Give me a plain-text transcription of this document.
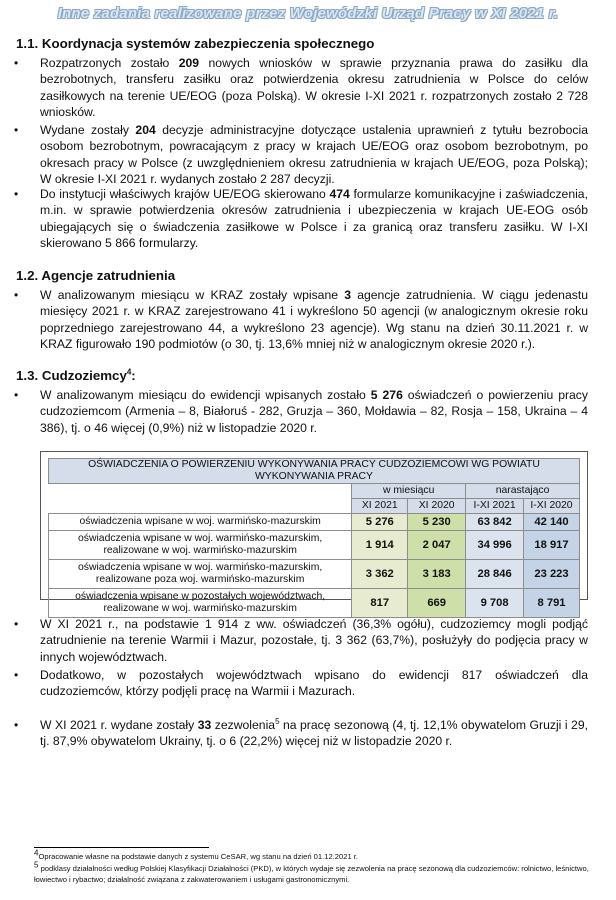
Inne zadania realizowane przez Wojewódzki Urząd Pracy w XI 2021 r.
1.1. Koordynacja systemów zabezpieczenia społecznego
• Rozpatrzonych zostało 209 nowych wniosków w sprawie przyznania prawa do zasiłku dla bezrobotnych, transferu zasiłku oraz potwierdzenia okresu zatrudnienia w Polsce do celów zasiłkowych na terenie UE/EOG (poza Polską). W okresie I-XI 2021 r. rozpatrzonych zostało 2 728 wniosków.
• Wydane zostały 204 decyzje administracyjne dotyczące ustalenia uprawnień z tytułu bezrobocia osobom bezrobotnym, powracającym z pracy w krajach UE/EOG oraz osobom bezrobotnym, po okresach pracy w Polsce (z uwzględnieniem okresu zatrudnienia w krajach UE/EOG, poza Polską); W okresie I-XI 2021 r. wydanych zostało 2 287 decyzji.
• Do instytucji właściwych krajów UE/EOG skierowano 474 formularze komunikacyjne i zaświadczenia, m.in. w sprawie potwierdzenia okresów zatrudnienia i ubezpieczenia w krajach UE-EOG osób ubiegających się o świadczenia zasiłkowe w Polsce i za granicą oraz transferu zasiłku. W I-XI skierowano 5 866 formularzy.
1.2. Agencje zatrudnienia
• W analizowanym miesiącu w KRAZ zostały wpisane 3 agencje zatrudnienia. W ciągu jedenastu miesięcy 2021 r. w KRAZ zarejestrowano 41 i wykreślono 50 agencji (w analogicznym okresie roku poprzedniego zarejestrowano 44, a wykreślono 23 agencje). Wg stanu na dzień 30.11.2021 r. w KRAZ figurowało 190 podmiotów (o 30, tj. 13,6% mniej niż w analogicznym okresie 2020 r.).
1.3. Cudzoziemcy$^4$:
• W analizowanym miesiącu do ewidencji wpisanych zostało 5 276 oświadczeń o powierzeniu pracy cudzoziemcom (Armenia – 8, Białoruś - 282, Gruzja – 360, Mołdawia – 82, Rosja – 158, Ukraina – 4 386), tj. o 46 więcej (0,9%) niż w listopadzie 2020 r.
OŚWIADCZENIA O POWIERZENIU WYKONYWANIA PRACY CUDZOZIEMCOWI WG POWIATU WYKONYWANIA PRACY				
	w miesiącu		narastająco	
	XI 2021	XI 2020	I-XI 2021	I-XI 2020
oświadczenia wpisane w woj. warmińsko-mazurskim	5 276	5 230	63 842	42 140
oświadczenia wpisane w woj. warmińsko-mazurskim,
realizowane w woj. warmińsko-mazurskim	1 914	2 047	34 996	18 917
oświadczenia wpisane w woj. warmińsko-mazurskim,
realizowane poza woj. warmińsko-mazurskim	3 362	3 183	28 846	23 223
oświadczenia wpisane w pozostałych województwach,
realizowane w woj. warmińsko-mazurskim	817	669	9 708	8 791
• W XI 2021 r., na podstawie 1 914 z ww. oświadczeń (36,3% ogółu), cudzoziemcy mogli podjąć zatrudnienie na terenie Warmii i Mazur, pozostałe, tj. 3 362 (63,7%), posłużyły do podjęcia pracy w innych województwach.
• Dodatkowo, w pozostałych województwach wpisano do ewidencji 817 oświadczeń dla cudzoziemców, którzy podjęli pracę na Warmii i Mazurach.
• W XI 2021 r. wydane zostały 33 zezwolenia$^5$ na pracę sezonową (4, tj. 12,1% obywatelom Gruzji i 29, tj. 87,9% obywatelom Ukrainy, tj. o 6 (22,2%) więcej niż w listopadzie 2020 r.
$^4$Opracowanie własne na podstawie danych z systemu CeSAR, wg stanu na dzień 01.12.2021 r.
$^5$ podklasy działalności według Polskiej Klasyfikacji Działalności (PKD), w których wydaje się zezwolenia na pracę sezonową dla cudzoziemców: rolnictwo, leśnictwo, łowiectwo i rybactwo; działalność związana z zakwaterowaniem i usługami gastronomicznymi.
